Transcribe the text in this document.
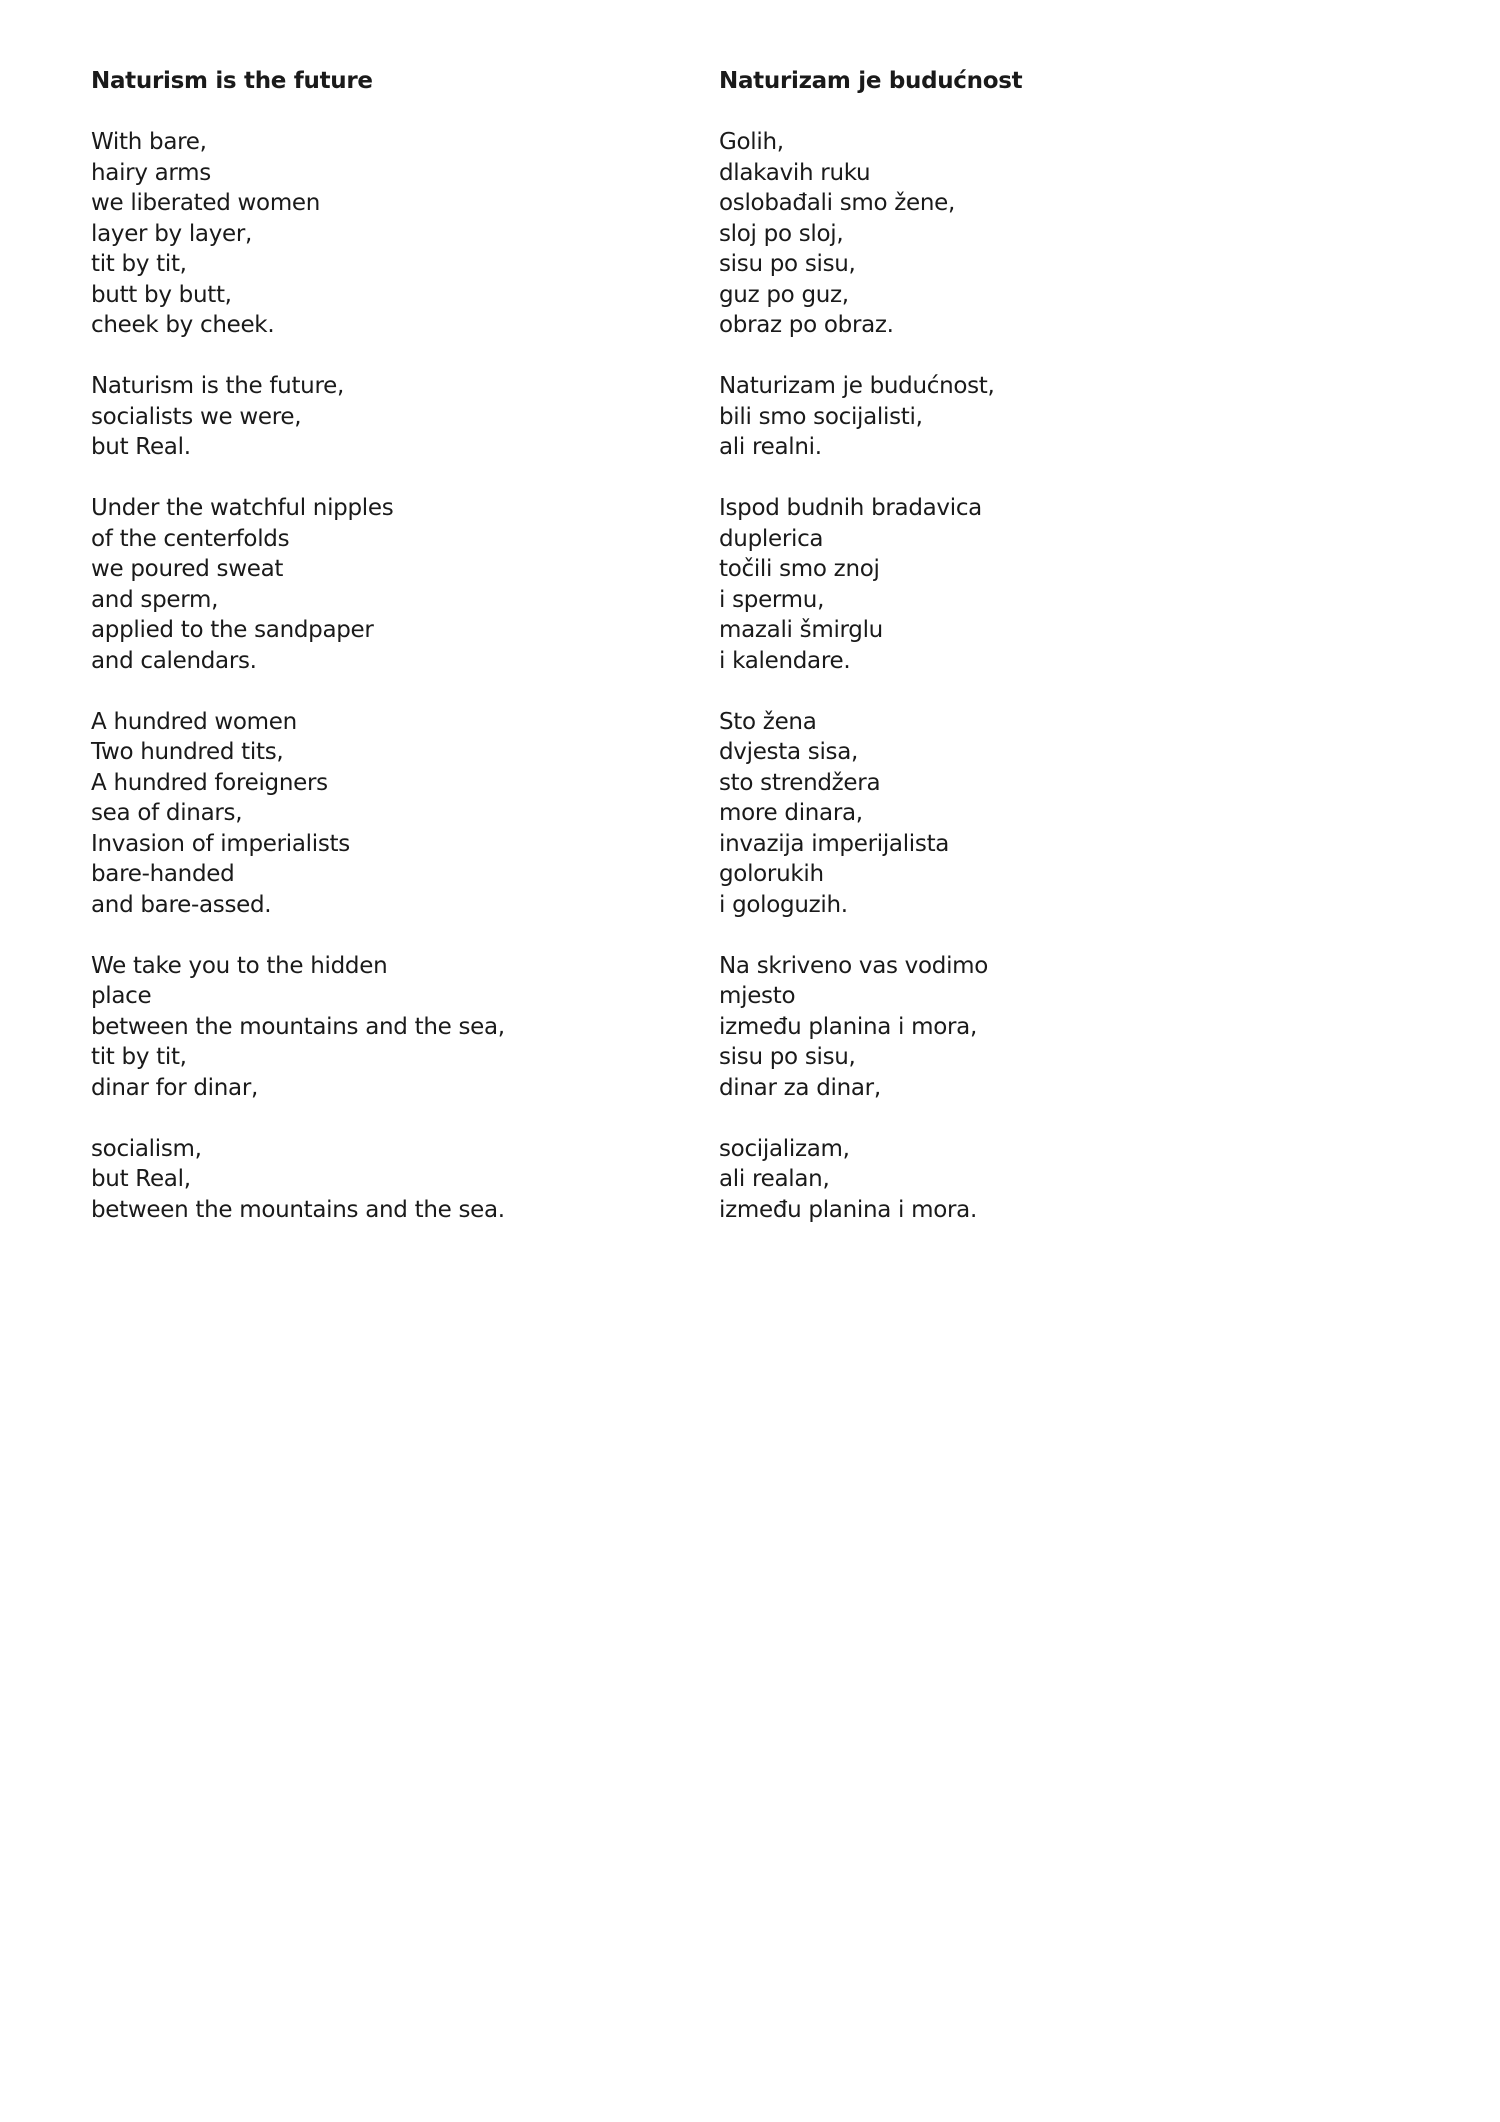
Naturism is the future
With bare,
hairy arms
we liberated women
layer by layer,
tit by tit,
butt by butt,
cheek by cheek.
Naturism is the future,
socialists we were,
but Real.
Under the watchful nipples
of the centerfolds
we poured sweat
and sperm,
applied to the sandpaper
and calendars.
A hundred women
Two hundred tits,
A hundred foreigners
sea of dinars,
Invasion of imperialists
bare-handed
and bare-assed.
We take you to the hidden
place
between the mountains and the sea,
tit by tit,
dinar for dinar,
socialism,
but Real,
between the mountains and the sea.
Naturizam je budućnost
Golih,
dlakavih ruku
oslobađali smo žene,
sloj po sloj,
sisu po sisu,
guz po guz,
obraz po obraz.
Naturizam je budućnost,
bili smo socijalisti,
ali realni.
Ispod budnih bradavica
duplerica
točili smo znoj
i spermu,
mazali šmirglu
i kalendare.
Sto žena
dvjesta sisa,
sto strendžera
more dinara,
invazija imperijalista
golorukih
i gologuzih.
Na skriveno vas vodimo
mjesto
između planina i mora,
sisu po sisu,
dinar za dinar,
socijalizam,
ali realan,
između planina i mora.
